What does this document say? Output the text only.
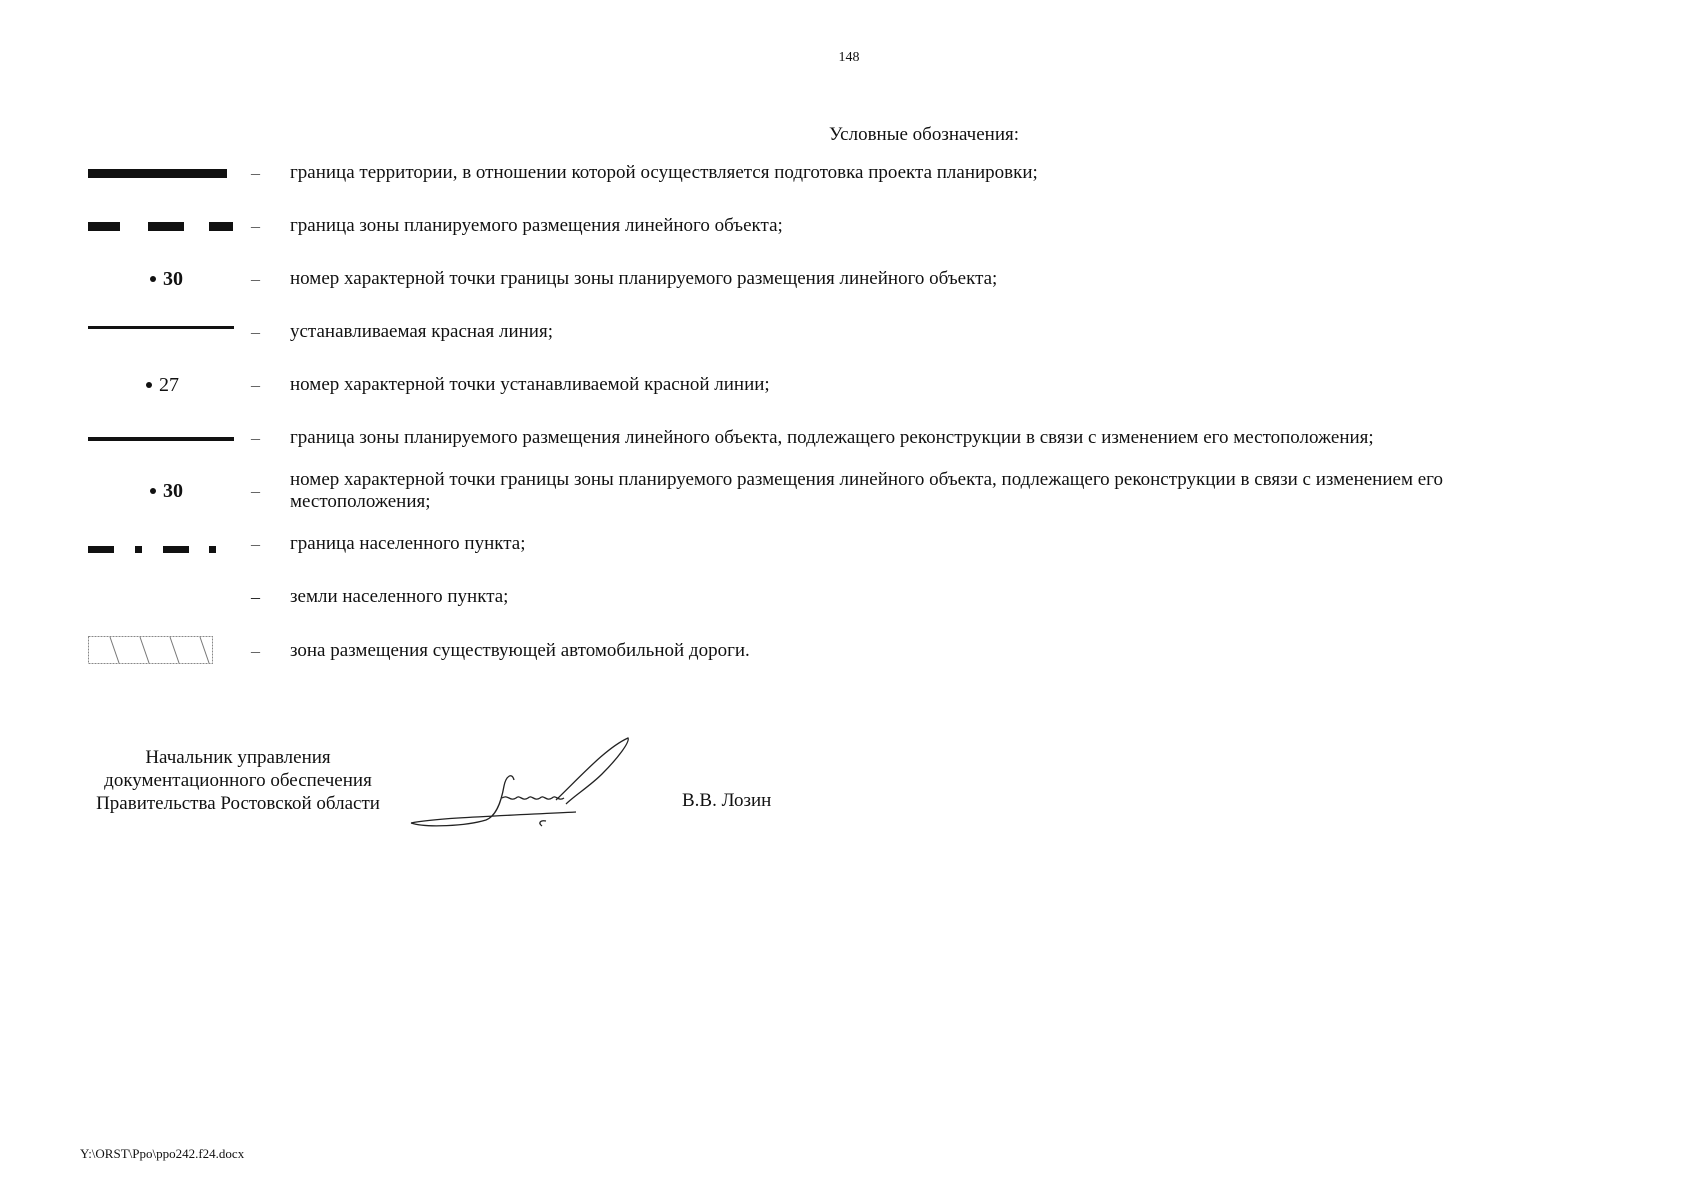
148
Условные обозначения:
– граница территории, в отношении которой осуществляется подготовка проекта планировки;
– граница зоны планируемого размещения линейного объекта;
30	– номер характерной точки границы зоны планируемого размещения линейного объекта;
– устанавливаемая красная линия;
27	– номер характерной точки устанавливаемой красной линии;
– граница зоны планируемого размещения линейного объекта, подлежащего реконструкции в связи с изменением его местоположения;
30	–
номер характерной точки границы зоны планируемого размещения линейного объекта, подлежащего реконструкции в связи с изменением его местоположения;
– граница населенного пункта;
– земли населенного пункта;
– зона размещения существующей автомобильной дороги.
Начальник управления
документационного обеспечения
Правительства Ростовской области	В.В. Лозин
Y:\ORST\Ppo\ppo242.f24.docx
